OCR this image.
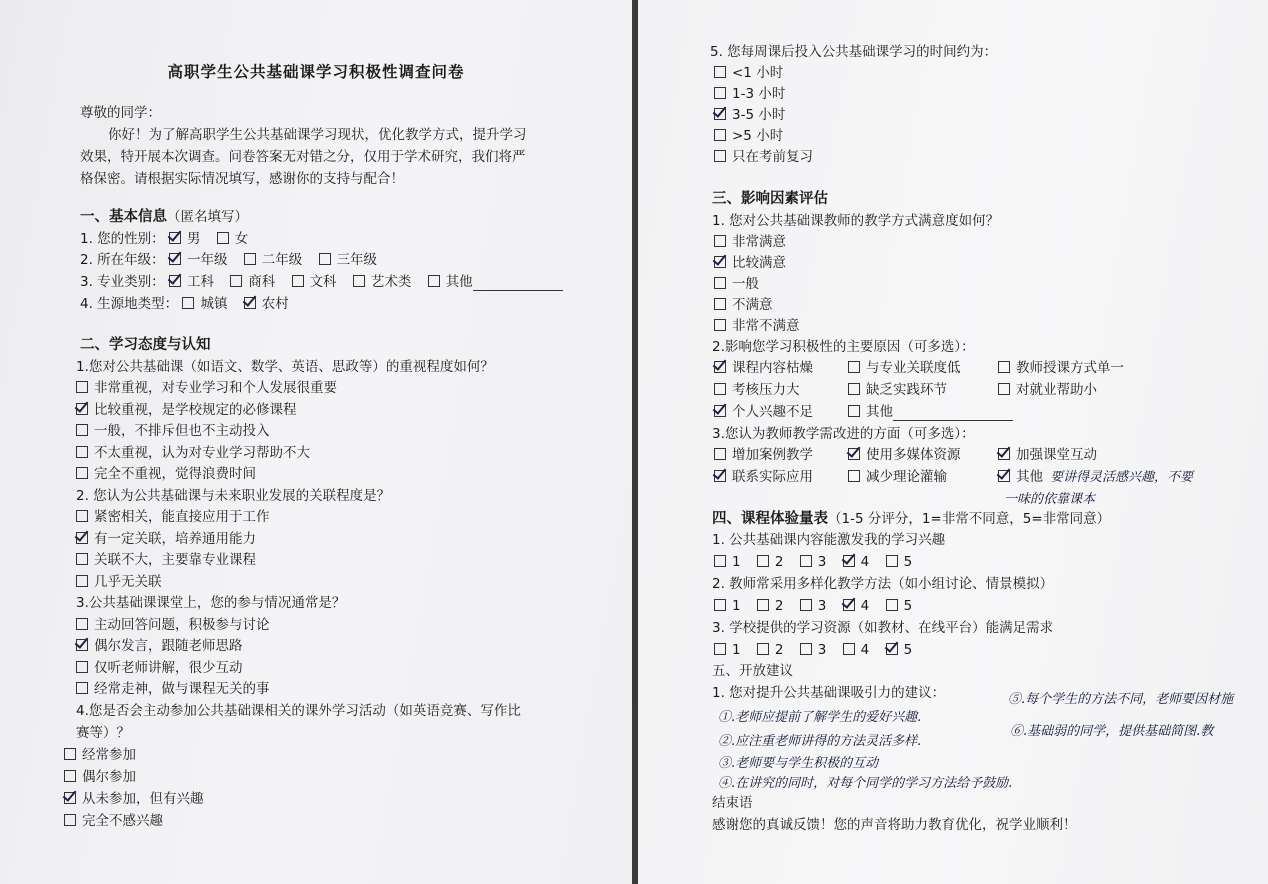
高职学生公共基础课学习积极性调查问卷
尊敬的同学：
你好！为了解高职学生公共基础课学习现状，优化教学方式，提升学习
效果，特开展本次调查。问卷答案无对错之分，仅用于学术研究，我们将严
格保密。请根据实际情况填写，感谢你的支持与配合！
一、基本信息（匿名填写）
1. 您的性别： 男	女
2. 所在年级： 一年级	二年级	三年级
3. 专业类别： 工科	商科	文科	艺术类	其他
4. 生源地类型： 城镇	农村
二、学习态度与认知
1.您对公共基础课（如语文、数学、英语、思政等）的重视程度如何？
非常重视，对专业学习和个人发展很重要
比较重视，是学校规定的必修课程
一般，不排斥但也不主动投入
不太重视，认为对专业学习帮助不大
完全不重视，觉得浪费时间
2. 您认为公共基础课与未来职业发展的关联程度是？
紧密相关，能直接应用于工作
有一定关联，培养通用能力
关联不大，主要靠专业课程
几乎无关联
3.公共基础课课堂上，您的参与情况通常是？
主动回答问题，积极参与讨论
偶尔发言，跟随老师思路
仅听老师讲解，很少互动
经常走神，做与课程无关的事
4.您是否会主动参加公共基础课相关的课外学习活动（如英语竞赛、写作比
赛等）？
经常参加
偶尔参加
从未参加，但有兴趣
完全不感兴趣
5. 您每周课后投入公共基础课学习的时间约为：
<1 小时
1-3 小时
3-5 小时
>5 小时
只在考前复习
三、影响因素评估
1. 您对公共基础课教师的教学方式满意度如何？
非常满意
比较满意
一般
不满意
非常不满意
2.影响您学习积极性的主要原因（可多选）：
课程内容枯燥	与专业关联度低	教师授课方式单一
考核压力大	缺乏实践环节	对就业帮助小
个人兴趣不足	其他
3.您认为教师教学需改进的方面（可多选）：
增加案例教学	使用多媒体资源	加强课堂互动
联系实际应用	减少理论灌输	其他 要讲得灵活感兴趣，不要
一味的依靠课本
四、课程体验量表（1-5 分评分，1=非常不同意，5=非常同意）
1. 公共基础课内容能激发我的学习兴趣
1	2	3	4	5
2. 教师常采用多样化教学方法（如小组讨论、情景模拟）
1	2	3	4	5
3. 学校提供的学习资源（如教材、在线平台）能满足需求
1	2	3	4	5
五、开放建议
1. 您对提升公共基础课吸引力的建议：
①.老师应提前了解学生的爱好兴趣.
⑤.每个学生的方法不同，老师要因材施
②.应注重老师讲得的方法灵活多样.
⑥.基础弱的同学，提供基础简图.教
③.老师要与学生积极的互动
④.在讲究的同时，对每个同学的学习方法给予鼓励.
结束语
感谢您的真诚反馈！您的声音将助力教育优化，祝学业顺利！
